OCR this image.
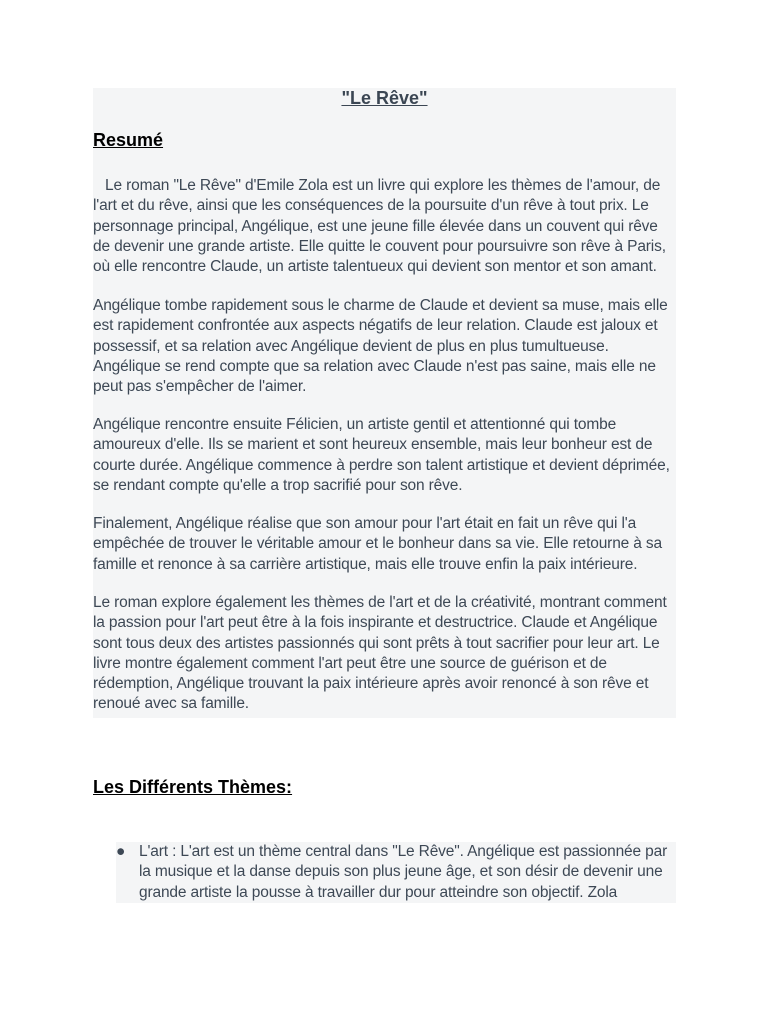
"Le Rêve"
Resumé

Le roman "Le Rêve" d'Emile Zola est un livre qui explore les thèmes de l'amour, de l'art et du rêve, ainsi que les conséquences de la poursuite d'un rêve à tout prix. Le personnage principal, Angélique, est une jeune fille élevée dans un couvent qui rêve de devenir une grande artiste. Elle quitte le couvent pour poursuivre son rêve à Paris, où elle rencontre Claude, un artiste talentueux qui devient son mentor et son amant.

Angélique tombe rapidement sous le charme de Claude et devient sa muse, mais elle est rapidement confrontée aux aspects négatifs de leur relation. Claude est jaloux et possessif, et sa relation avec Angélique devient de plus en plus tumultueuse. Angélique se rend compte que sa relation avec Claude n'est pas saine, mais elle ne peut pas s'empêcher de l'aimer.

Angélique rencontre ensuite Félicien, un artiste gentil et attentionné qui tombe amoureux d'elle. Ils se marient et sont heureux ensemble, mais leur bonheur est de courte durée. Angélique commence à perdre son talent artistique et devient déprimée, se rendant compte qu'elle a trop sacrifié pour son rêve.

Finalement, Angélique réalise que son amour pour l'art était en fait un rêve qui l'a empêchée de trouver le véritable amour et le bonheur dans sa vie. Elle retourne à sa famille et renonce à sa carrière artistique, mais elle trouve enfin la paix intérieure.

Le roman explore également les thèmes de l'art et de la créativité, montrant comment la passion pour l'art peut être à la fois inspirante et destructrice. Claude et Angélique sont tous deux des artistes passionnés qui sont prêts à tout sacrifier pour leur art. Le livre montre également comment l'art peut être une source de guérison et de rédemption, Angélique trouvant la paix intérieure après avoir renoncé à son rêve et renoué avec sa famille.

Les Différents Thèmes:
● L'art : L'art est un thème central dans "Le Rêve". Angélique est passionnée par la musique et la danse depuis son plus jeune âge, et son désir de devenir une grande artiste la pousse à travailler dur pour atteindre son objectif. Zola
